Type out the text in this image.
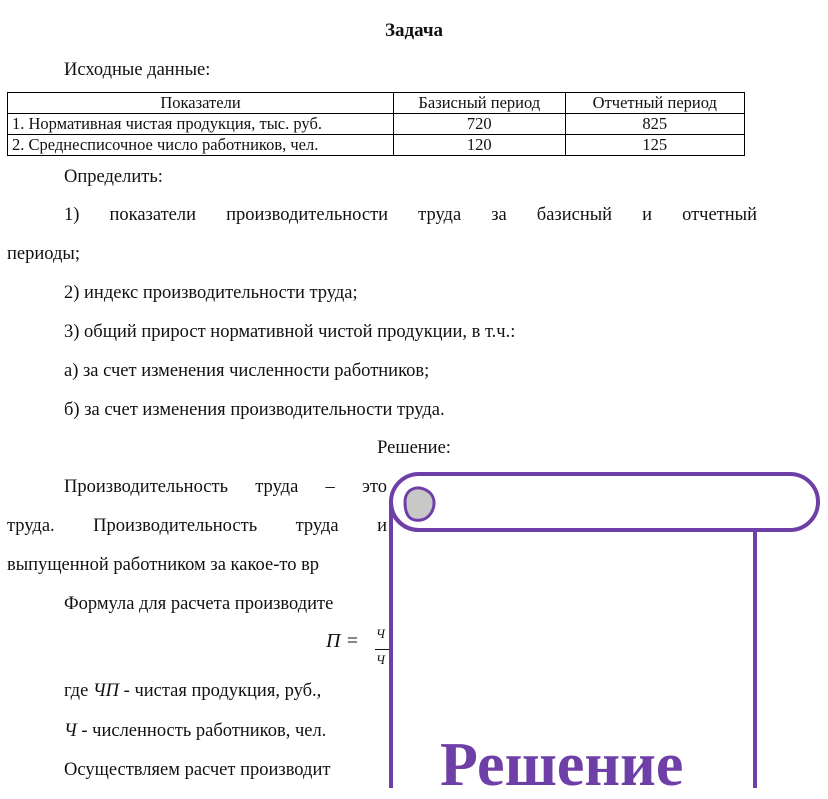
Задача
Исходные данные:
Показатели	Базисный период	Отчетный период
1. Нормативная чистая продукция, тыс. руб.	720	825
2. Среднесписочное число работников, чел.	120	125
Определить:
1) показатели производительности труда за базисный и отчетный
периоды;
2) индекс производительности труда;
3) общий прирост нормативной чистой продукции, в т.ч.:
а) за счет изменения численности работников;
б) за счет изменения производительности труда.
Решение:
Производительность труда – это
труда. Производительность труда и
выпущенной работником за какое-то вр
Формула для расчета производите
П = Ч
Ч
где ЧП - чистая продукция, руб.,
Ч - численность работников, чел.
Осуществляем расчет производит Решение
